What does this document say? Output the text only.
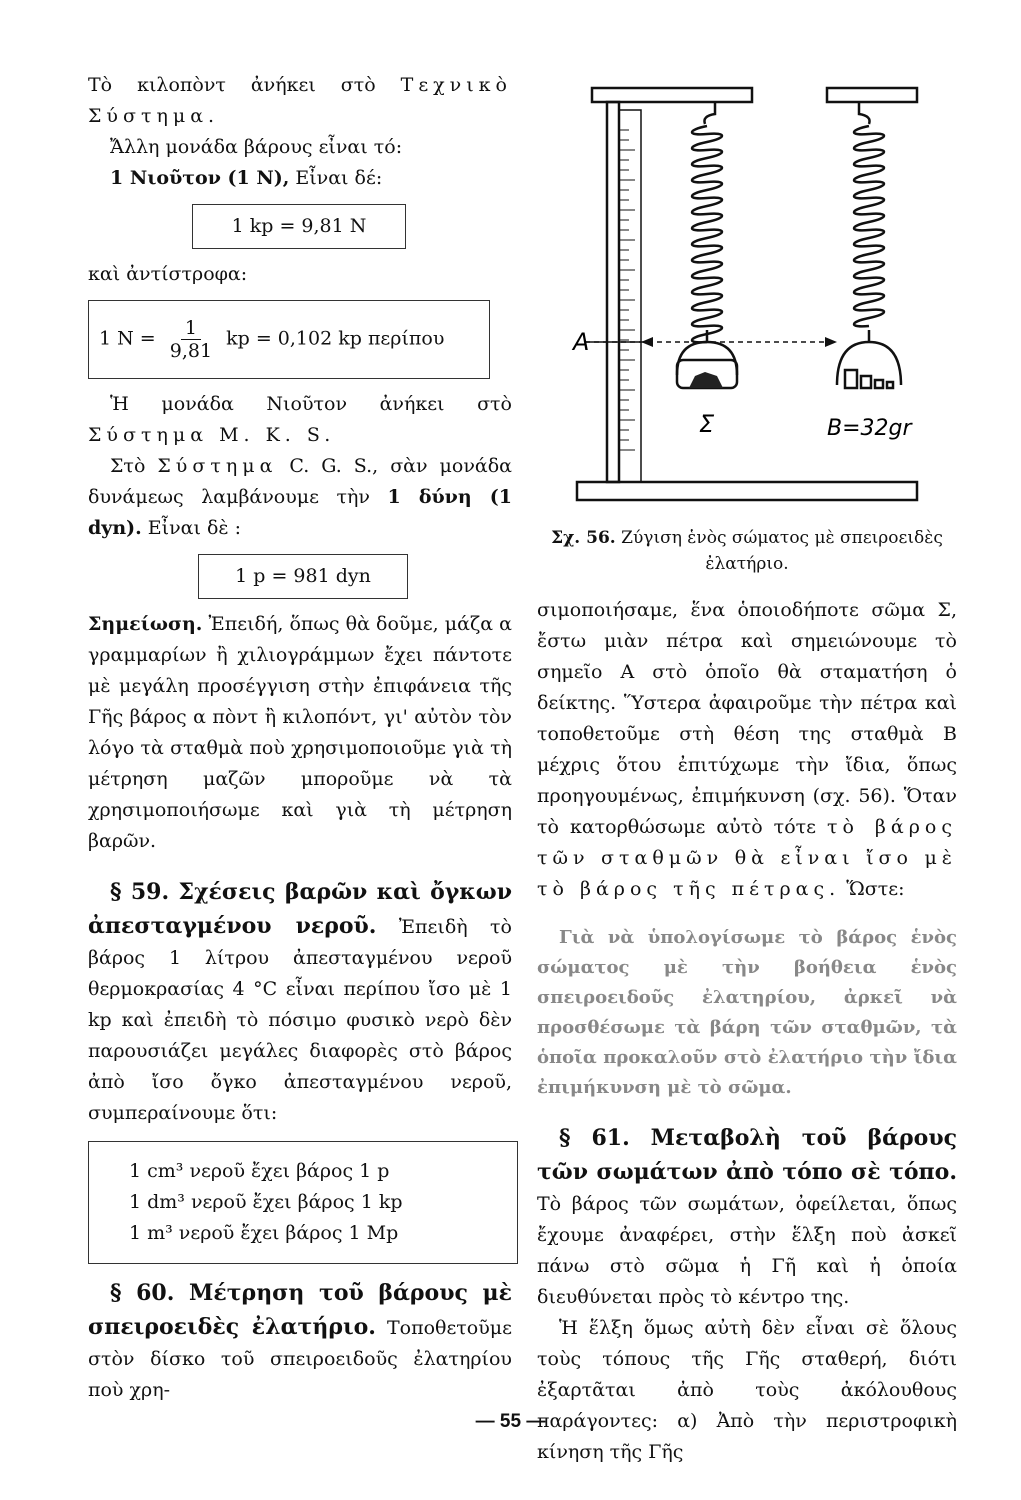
Τὸ κιλοπὸντ ἀνήκει στὸ Τεχνικὸ Σύστημα.

Ἄλλη μονάδα βάρους εἶναι τό:

1 Νιοῦτον (1 N), Εἶναι δέ:

1 kp = 9,81 N

καὶ ἀντίστροφα:

1 $N = \frac{1}{9,81}$ kp = 0,102 kp περίπου

Ἡ μονάδα Νιοῦτον ἀνήκει στὸ Σύστημα M. K. S.

Στὸ Σύστημα C. G. S., σὰν μονάδα δυνάμεως λαμβάνουμε τὴν 1 δύνη (1 dyn). Εἶναι δὲ :

1 p = 981 dyn

Σημείωση. Ἐπειδή, ὅπως θὰ δοῦμε, μάζα α γραμμαρίων ἢ χιλιογράμμων ἔχει πάντοτε μὲ μεγάλη προσέγγιση στὴν ἐπιφάνεια τῆς Γῆς βάρος α πὸντ ἢ κιλοπόντ, γι' αὐτὸν τὸν λόγο τὰ σταθμὰ ποὺ χρησιμοποιοῦμε γιὰ τὴ μέτρηση μαζῶν μποροῦμε νὰ τὰ χρησιμοποιήσωμε καὶ γιὰ τὴ μέτρηση βαρῶν.

§ 59. Σχέσεις βαρῶν καὶ ὄγκων ἀπεσταγμένου νεροῦ. Ἐπειδὴ τὸ βάρος 1 λίτρου ἀπεσταγμένου νεροῦ θερμοκρασίας 4 °C εἶναι περίπου ἴσο μὲ 1 kp καὶ ἐπειδὴ τὸ πόσιμο φυσικὸ νερὸ δὲν παρουσιάζει μεγάλες διαφορὲς στὸ βάρος ἀπὸ ἴσο ὄγκο ἀπεσταγμένου νεροῦ, συμπεραίνουμε ὅτι:

1 cm³ νεροῦ ἔχει βάρος 1 p
1 dm³ νεροῦ ἔχει βάρος 1 kp
1 m³ νεροῦ ἔχει βάρος 1 Mp

§ 60. Μέτρηση τοῦ βάρους μὲ σπειροειδὲς ἐλατήριο. Τοποθετοῦμε στὸν δίσκο τοῦ σπειροειδοῦς ἐλατηρίου ποὺ χρη-

A
Σ	B=32gr
Σχ. 56. Ζύγιση ἑνὸς σώματος μὲ σπειροειδὲς ἐλατήριο.

σιμοποιήσαμε, ἕνα ὁποιοδήποτε σῶμα Σ, ἔστω μιὰν πέτρα καὶ σημειώνουμε τὸ σημεῖο Α στὸ ὁποῖο θὰ σταματήση ὁ δείκτης. Ὕστερα ἀφαιροῦμε τὴν πέτρα καὶ τοποθετοῦμε στὴ θέση της σταθμὰ Β μέχρις ὅτου ἐπιτύχωμε τὴν ἴδια, ὅπως προηγουμένως, ἐπιμήκυνση (σχ. 56). Ὅταν τὸ κατορθώσωμε αὐτὸ τότε τὸ βάρος τῶν σταθμῶν θὰ εἶναι ἴσο μὲ τὸ βάρος τῆς πέτρας. Ὥστε:

Γιὰ νὰ ὑπολογίσωμε τὸ βάρος ἑνὸς σώματος μὲ τὴν βοήθεια ἑνὸς σπειροειδοῦς ἐλατηρίου, ἀρκεῖ νὰ προσθέσωμε τὰ βάρη τῶν σταθμῶν, τὰ ὁποῖα προκαλοῦν στὸ ἐλατήριο τὴν ἴδια ἐπιμήκυνση μὲ τὸ σῶμα.

§ 61. Μεταβολὴ τοῦ βάρους τῶν σωμάτων ἀπὸ τόπο σὲ τόπο. Τὸ βάρος τῶν σωμάτων, ὀφείλεται, ὅπως ἔχουμε ἀναφέρει, στὴν ἕλξη ποὺ ἀσκεῖ πάνω στὸ σῶμα ἡ Γῆ καὶ ἡ ὁποία διευθύνεται πρὸς τὸ κέντρο της.

Ἡ ἕλξη ὅμως αὐτὴ δὲν εἶναι σὲ ὅλους τοὺς τόπους τῆς Γῆς σταθερή, διότι ἐξαρτᾶται ἀπὸ τοὺς ἀκόλουθους παράγοντες: α) Ἀπὸ τὴν περιστροφικὴ κίνηση τῆς Γῆς

— 55 —
